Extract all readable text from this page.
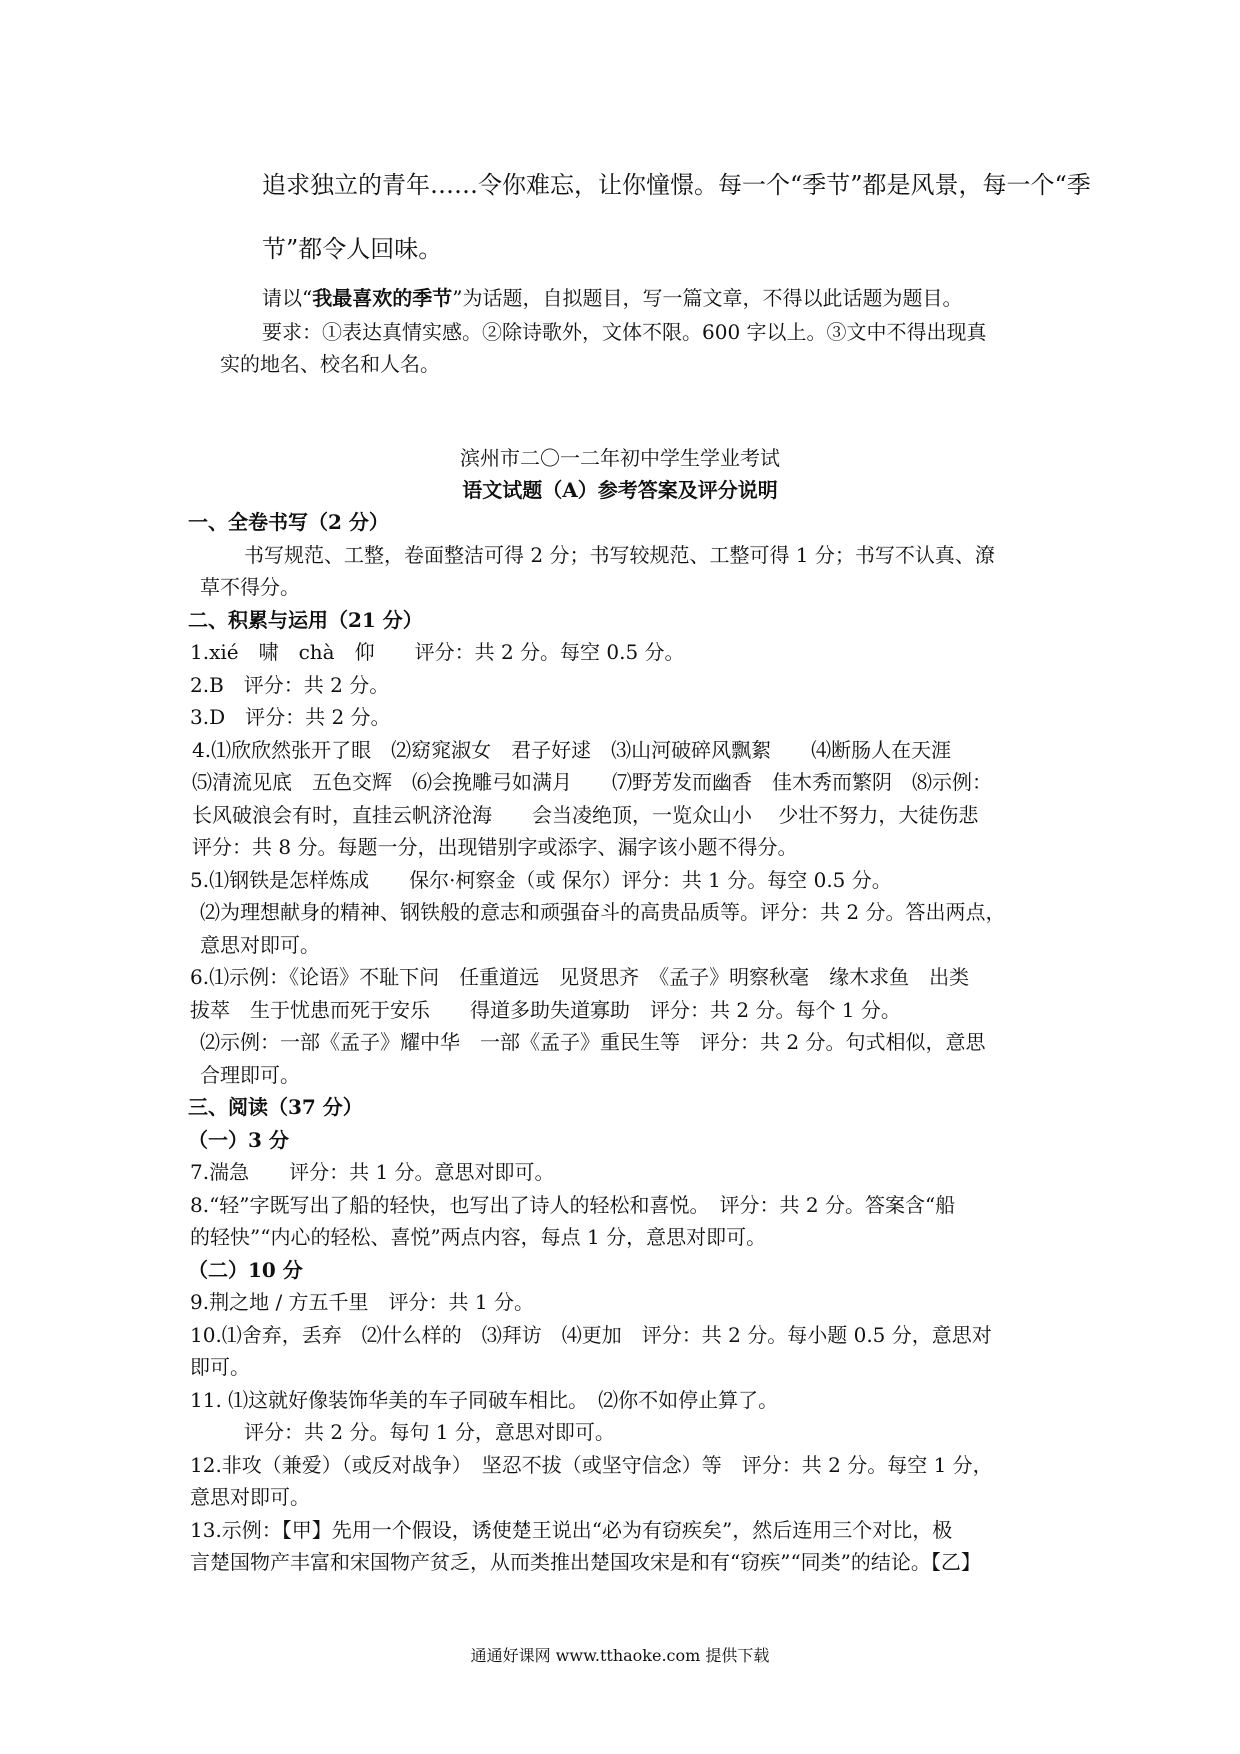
追求独立的青年……令你难忘，让你憧憬。每一个“季节”都是风景，每一个“季
节”都令人回味。
请以“我最喜欢的季节”为话题，自拟题目，写一篇文章，不得以此话题为题目。
要求：①表达真情实感。②除诗歌外，文体不限。600 字以上。③文中不得出现真
实的地名、校名和人名。
滨州市二〇一二年初中学生学业考试
语文试题（A）参考答案及评分说明
一、全卷书写（2 分）
书写规范、工整，卷面整洁可得 2 分；书写较规范、工整可得 1 分；书写不认真、潦
草不得分。
二、积累与运用（21 分）
1.xié　啸　chà　仰　　评分：共 2 分。每空 0.5 分。
2.B　评分：共 2 分。
3.D　评分：共 2 分。
4.⑴欣欣然张开了眼　⑵窈窕淑女　君子好逑　⑶山河破碎风飘絮　　⑷断肠人在天涯
⑸清流见底　五色交辉　⑹会挽雕弓如满月　　⑺野芳发而幽香　佳木秀而繁阴　⑻示例：
长风破浪会有时，直挂云帆济沧海　　会当凌绝顶，一览众山小　 少壮不努力，大徒伤悲
评分：共 8 分。每题一分，出现错别字或添字、漏字该小题不得分。
5.⑴钢铁是怎样炼成　　保尔·柯察金（或 保尔）评分：共 1 分。每空 0.5 分。
⑵为理想献身的精神、钢铁般的意志和顽强奋斗的高贵品质等。评分：共 2 分。答出两点，
意思对即可。
6.⑴示例：《论语》不耻下问　任重道远　见贤思齐　《孟子》明察秋毫　缘木求鱼　出类
拔萃　生于忧患而死于安乐　　得道多助失道寡助　评分：共 2 分。每个 1 分。
⑵示例：一部《孟子》耀中华　一部《孟子》重民生等　评分：共 2 分。句式相似，意思
合理即可。
三、阅读（37 分）
（一）3 分
7.湍急　　评分：共 1 分。意思对即可。
8.“轻”字既写出了船的轻快，也写出了诗人的轻松和喜悦。　评分：共 2 分。答案含“船
的轻快”“内心的轻松、喜悦”两点内容，每点 1 分，意思对即可。
（二）10 分
9.荆之地 / 方五千里　评分：共 1 分。
10.⑴舍弃，丢弃　⑵什么样的　⑶拜访　⑷更加　评分：共 2 分。每小题 0.5 分，意思对
即可。
11. ⑴这就好像装饰华美的车子同破车相比。　⑵你不如停止算了。
评分：共 2 分。每句 1 分，意思对即可。
12.非攻（兼爱）（或反对战争）　坚忍不拔（或坚守信念）等　评分：共 2 分。每空 1 分，
意思对即可。
13.示例：【甲】先用一个假设，诱使楚王说出“必为有窃疾矣”，然后连用三个对比，极
言楚国物产丰富和宋国物产贫乏，从而类推出楚国攻宋是和有“窃疾”“同类”的结论。【乙】
通通好课网 www.tthaoke.com 提供下载
